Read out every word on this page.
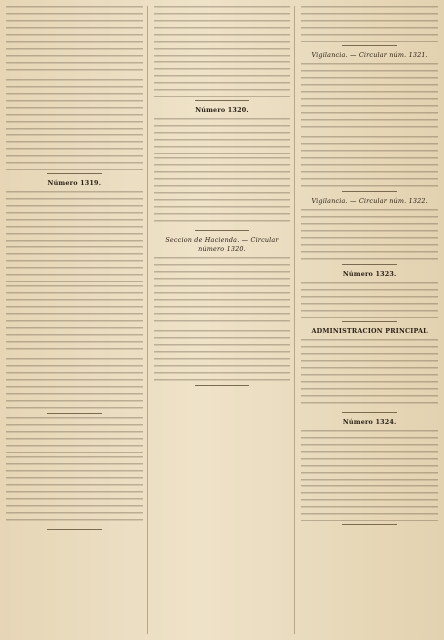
Número 1319.
Número 1320.
Seccion de Hacienda. — Circular número 1320.
Vigilancia. — Circular núm. 1321.
Vigilancia. — Circular núm. 1322.
Número 1323.
ADMINISTRACION PRINCIPAL
Número 1324.
